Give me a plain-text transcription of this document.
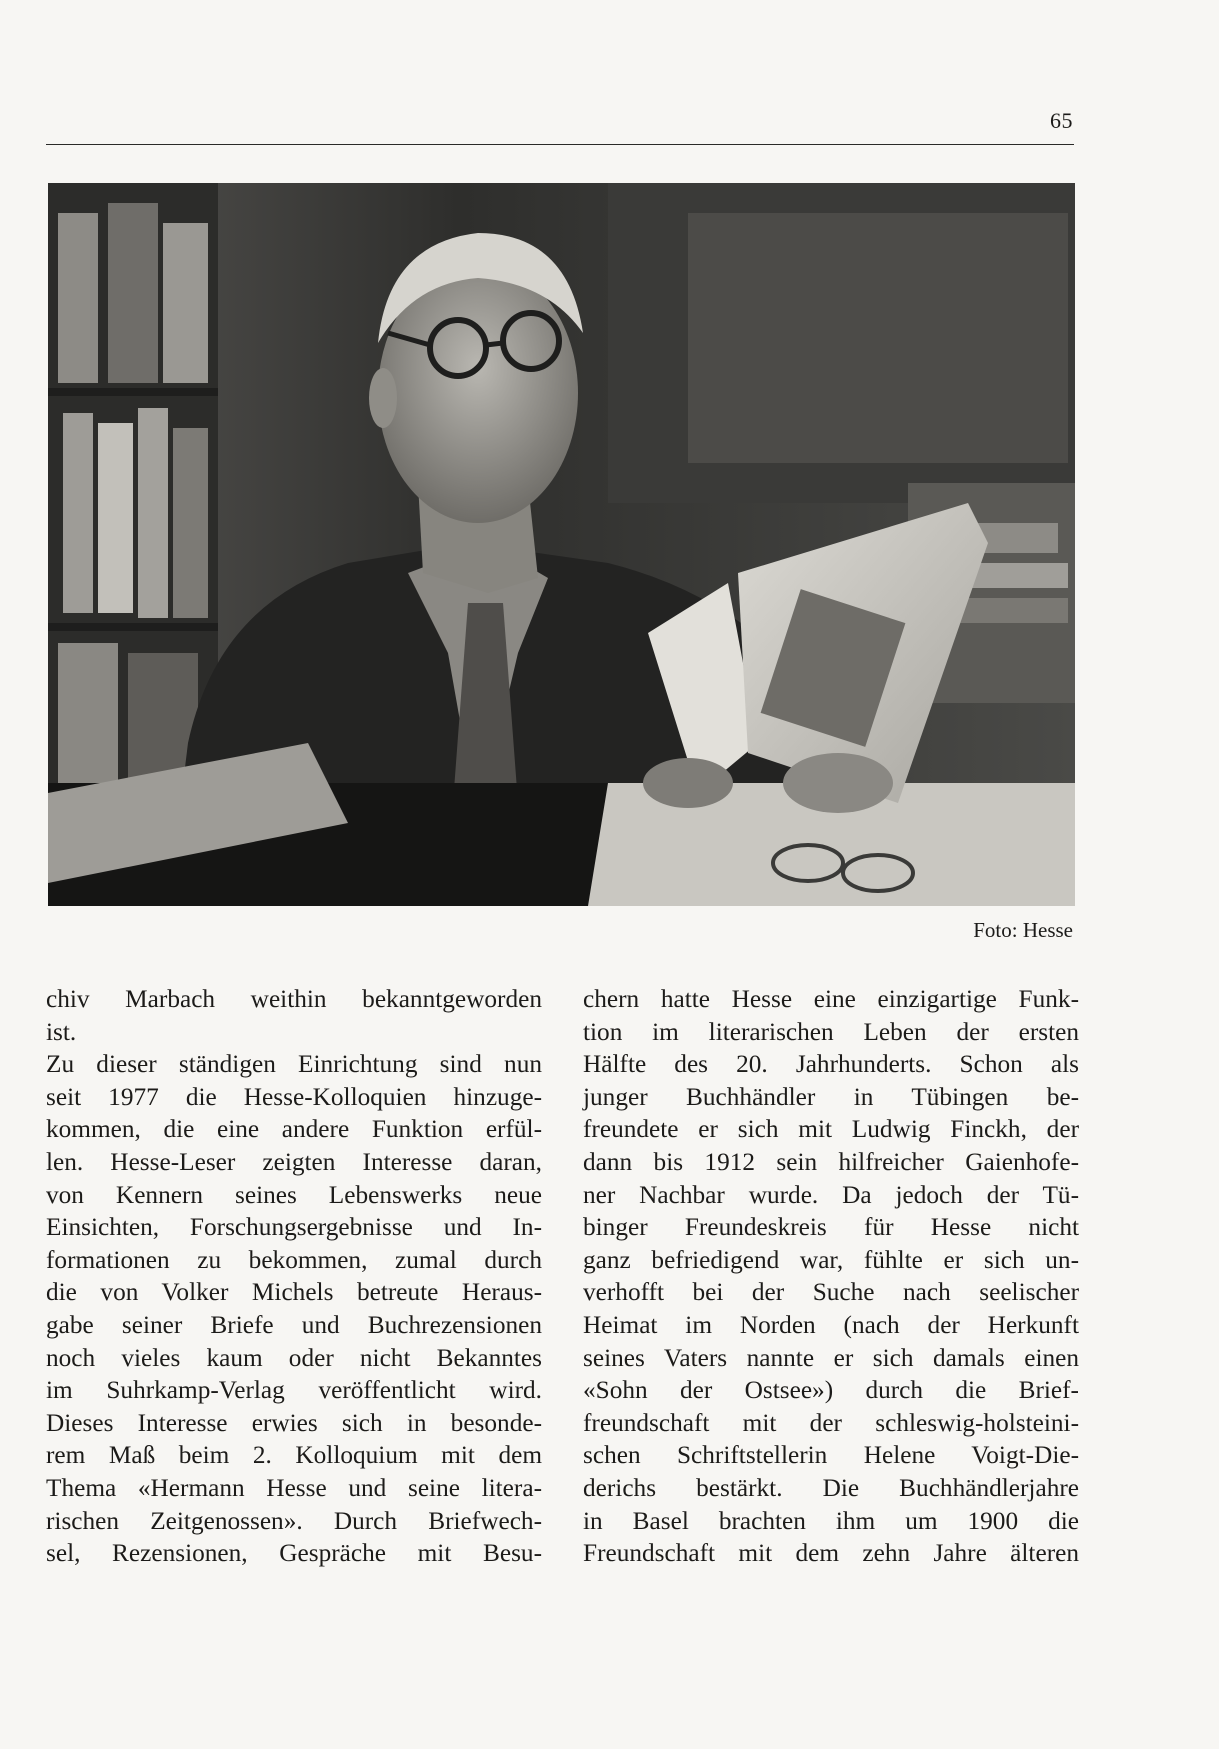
65
Foto: Hesse
chiv Marbach weithin bekanntgeworden
ist.
Zu dieser ständigen Einrichtung sind nun
seit 1977 die Hesse-Kolloquien hinzuge-
kommen, die eine andere Funktion erfül-
len. Hesse-Leser zeigten Interesse daran,
von Kennern seines Lebenswerks neue
Einsichten, Forschungsergebnisse und In-
formationen zu bekommen, zumal durch
die von Volker Michels betreute Heraus-
gabe seiner Briefe und Buchrezensionen
noch vieles kaum oder nicht Bekanntes
im Suhrkamp-Verlag veröffentlicht wird.
Dieses Interesse erwies sich in besonde-
rem Maß beim 2. Kolloquium mit dem
Thema «Hermann Hesse und seine litera-
rischen Zeitgenossen». Durch Briefwech-
sel, Rezensionen, Gespräche mit Besu-
chern hatte Hesse eine einzigartige Funk-
tion im literarischen Leben der ersten
Hälfte des 20. Jahrhunderts. Schon als
junger Buchhändler in Tübingen be-
freundete er sich mit Ludwig Finckh, der
dann bis 1912 sein hilfreicher Gaienhofe-
ner Nachbar wurde. Da jedoch der Tü-
binger Freundeskreis für Hesse nicht
ganz befriedigend war, fühlte er sich un-
verhofft bei der Suche nach seelischer
Heimat im Norden (nach der Herkunft
seines Vaters nannte er sich damals einen
«Sohn der Ostsee») durch die Brief-
freundschaft mit der schleswig-holsteini-
schen Schriftstellerin Helene Voigt-Die-
derichs bestärkt. Die Buchhändlerjahre
in Basel brachten ihm um 1900 die
Freundschaft mit dem zehn Jahre älteren
